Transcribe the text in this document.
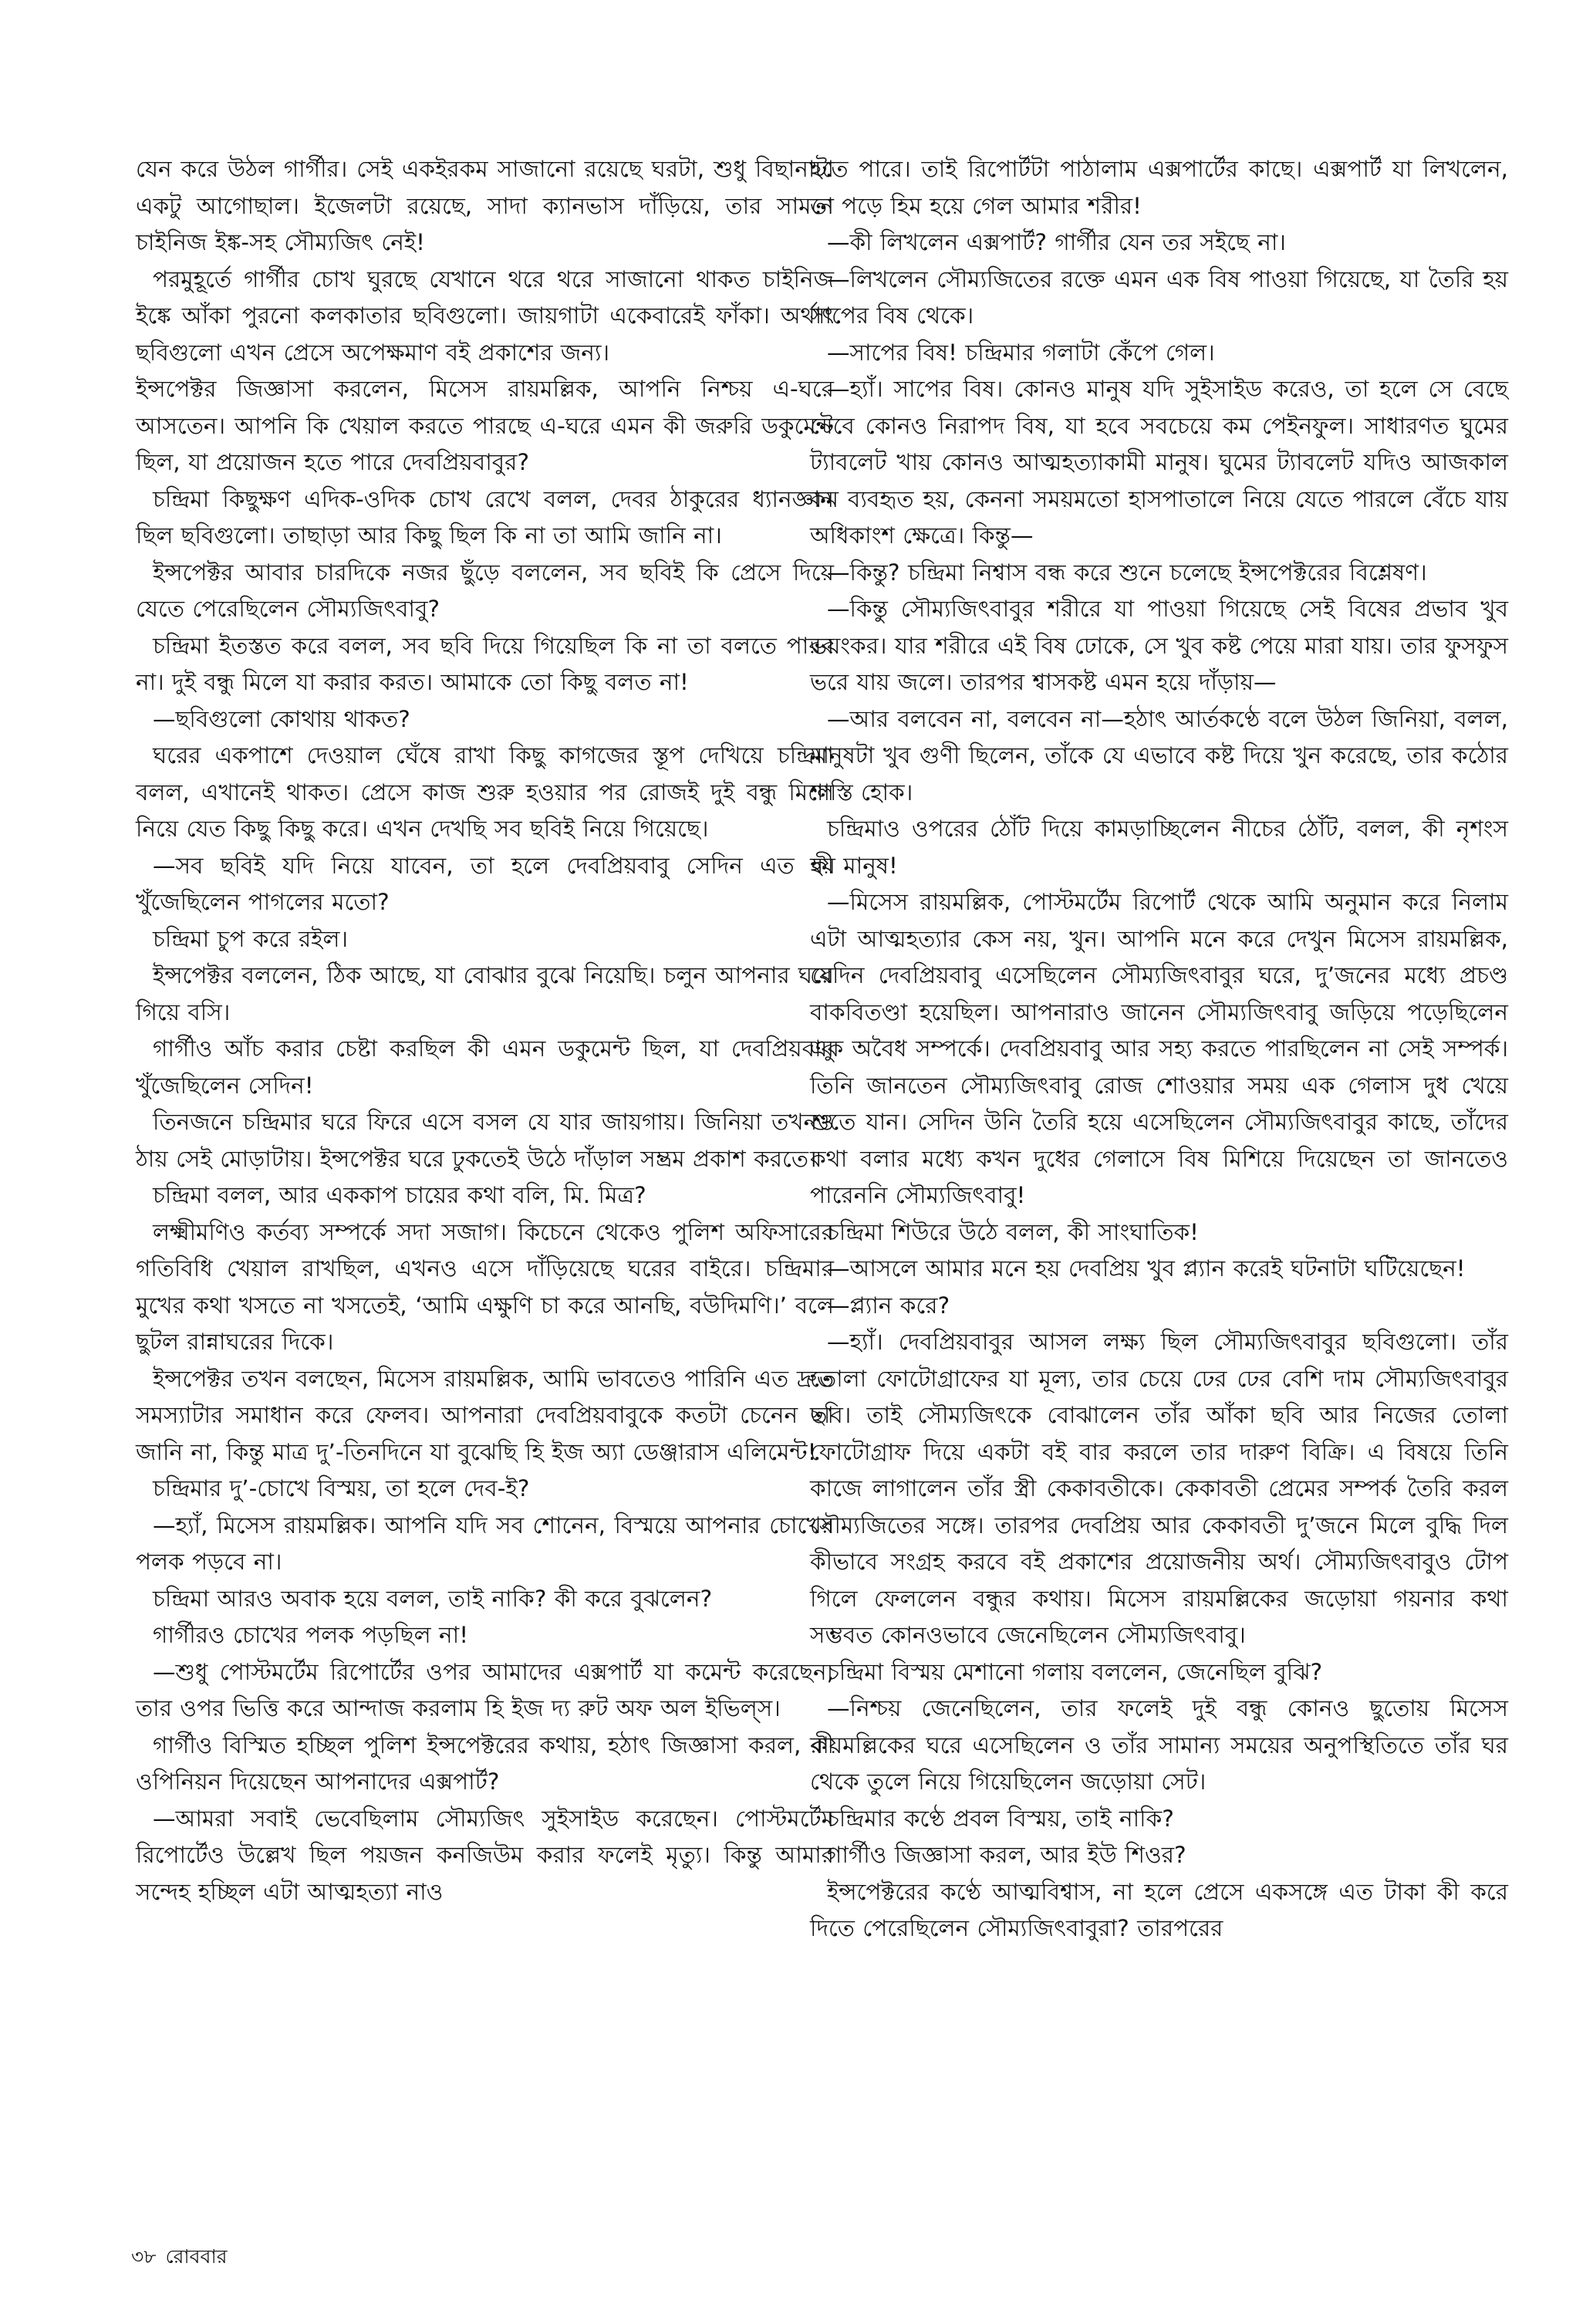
যেন করে উঠল গার্গীর। সেই একইরকম সাজানো রয়েছে ঘরটা, শুধু বিছানাটা একটু আগোছাল। ইজেলটা রয়েছে, সাদা ক্যানভাস দাঁড়িয়ে, তার সামনে চাইনিজ ইঙ্ক-সহ সৌম্যজিৎ নেই!

পরমুহূর্তে গার্গীর চোখ ঘুরছে যেখানে থরে থরে সাজানো থাকত চাইনিজ ইঙ্কে আঁকা পুরনো কলকাতার ছবিগুলো। জায়গাটা একেবারেই ফাঁকা। অর্থাৎ ছবিগুলো এখন প্রেসে অপেক্ষমাণ বই প্রকাশের জন্য।

ইন্সপেক্টর জিজ্ঞাসা করলেন, মিসেস রায়মল্লিক, আপনি নিশ্চয় এ-ঘরে আসতেন। আপনি কি খেয়াল করতে পারছে এ-ঘরে এমন কী জরুরি ডকুমেন্ট ছিল, যা প্রয়োজন হতে পারে দেবপ্রিয়বাবুর?

চন্দ্রিমা কিছুক্ষণ এদিক-ওদিক চোখ রেখে বলল, দেবর ঠাকুরের ধ্যানজ্ঞান ছিল ছবিগুলো। তাছাড়া আর কিছু ছিল কি না তা আমি জানি না।

ইন্সপেক্টর আবার চারদিকে নজর ছুঁড়ে বললেন, সব ছবিই কি প্রেসে দিয়ে যেতে পেরেছিলেন সৌম্যজিৎবাবু?

চন্দ্রিমা ইতস্তত করে বলল, সব ছবি দিয়ে গিয়েছিল কি না তা বলতে পারব না। দুই বন্ধু মিলে যা করার করত। আমাকে তো কিছু বলত না!

—ছবিগুলো কোথায় থাকত?

ঘরের একপাশে দেওয়াল ঘেঁষে রাখা কিছু কাগজের স্তূপ দেখিয়ে চন্দ্রিমা বলল, এখানেই থাকত। প্রেসে কাজ শুরু হওয়ার পর রোজই দুই বন্ধু মিলে নিয়ে যেত কিছু কিছু করে। এখন দেখছি সব ছবিই নিয়ে গিয়েছে।

—সব ছবিই যদি নিয়ে যাবেন, তা হলে দেবপ্রিয়বাবু সেদিন এত কী খুঁজেছিলেন পাগলের মতো?

চন্দ্রিমা চুপ করে রইল।

ইন্সপেক্টর বললেন, ঠিক আছে, যা বোঝার বুঝে নিয়েছি। চলুন আপনার ঘরে গিয়ে বসি।

গার্গীও আঁচ করার চেষ্টা করছিল কী এমন ডকুমেন্ট ছিল, যা দেবপ্রিয়বাবু খুঁজেছিলেন সেদিন!

তিনজনে চন্দ্রিমার ঘরে ফিরে এসে বসল যে যার জায়গায়। জিনিয়া তখনও ঠায় সেই মোড়াটায়। ইন্সপেক্টর ঘরে ঢুকতেই উঠে দাঁড়াল সম্ভ্রম প্রকাশ করতে।

চন্দ্রিমা বলল, আর এককাপ চায়ের কথা বলি, মি. মিত্র?

লক্ষ্মীমণিও কর্তব্য সম্পর্কে সদা সজাগ। কিচেনে থেকেও পুলিশ অফিসারের গতিবিধি খেয়াল রাখছিল, এখনও এসে দাঁড়িয়েছে ঘরের বাইরে। চন্দ্রিমার মুখের কথা খসতে না খসতেই, ‘আমি এক্ষুণি চা করে আনছি, বউদিমণি।’ বলে ছুটল রান্নাঘরের দিকে।

ইন্সপেক্টর তখন বলছেন, মিসেস রায়মল্লিক, আমি ভাবতেও পারিনি এত দ্রুত সমস্যাটার সমাধান করে ফেলব। আপনারা দেবপ্রিয়বাবুকে কতটা চেনেন তা জানি না, কিন্তু মাত্র দু’-তিনদিনে যা বুঝেছি হি ইজ অ্যা ডেঞ্জারাস এলিমেন্ট!

চন্দ্রিমার দু’-চোখে বিস্ময়, তা হলে দেব-ই?

—হ্যাঁ, মিসেস রায়মল্লিক। আপনি যদি সব শোনেন, বিস্ময়ে আপনার চোখের পলক পড়বে না।

চন্দ্রিমা আরও অবাক হয়ে বলল, তাই নাকি? কী করে বুঝলেন?

গার্গীরও চোখের পলক পড়ছিল না!

—শুধু পোস্টমর্টেম রিপোর্টের ওপর আমাদের এক্সপার্ট যা কমেন্ট করেছেন, তার ওপর ভিত্তি করে আন্দাজ করলাম হি ইজ দ্য রুট অফ অল ইভিল্স।

গার্গীও বিস্মিত হচ্ছিল পুলিশ ইন্সপেক্টরের কথায়, হঠাৎ জিজ্ঞাসা করল, কী ওপিনিয়ন দিয়েছেন আপনাদের এক্সপার্ট?

—আমরা সবাই ভেবেছিলাম সৌম্যজিৎ সুইসাইড করেছেন। পোস্টমর্টেম রিপোর্টেও উল্লেখ ছিল পয়জন কনজিউম করার ফলেই মৃত্যু। কিন্তু আমার সন্দেহ হচ্ছিল এটা আত্মহত্যা নাও

হতে পারে। তাই রিপোর্টটা পাঠালাম এক্সপার্টের কাছে। এক্সপার্ট যা লিখলেন, তা পড়ে হিম হয়ে গেল আমার শরীর!

—কী লিখলেন এক্সপার্ট? গার্গীর যেন তর সইছে না।

—লিখলেন সৌম্যজিতের রক্তে এমন এক বিষ পাওয়া গিয়েছে, যা তৈরি হয় সাপের বিষ থেকে।

—সাপের বিষ! চন্দ্রিমার গলাটা কেঁপে গেল।

—হ্যাঁ। সাপের বিষ। কোনও মানুষ যদি সুইসাইড করেও, তা হলে সে বেছে নেবে কোনও নিরাপদ বিষ, যা হবে সবচেয়ে কম পেইনফুল। সাধারণত ঘুমের ট্যাবলেট খায় কোনও আত্মহত্যাকামী মানুষ। ঘুমের ট্যাবলেট যদিও আজকাল কম ব্যবহৃত হয়, কেননা সময়মতো হাসপাতালে নিয়ে যেতে পারলে বেঁচে যায় অধিকাংশ ক্ষেত্রে। কিন্তু—

—কিন্তু? চন্দ্রিমা নিশ্বাস বন্ধ করে শুনে চলেছে ইন্সপেক্টরের বিশ্লেষণ।

—কিন্তু সৌম্যজিৎবাবুর শরীরে যা পাওয়া গিয়েছে সেই বিষের প্রভাব খুব ভয়ংকর। যার শরীরে এই বিষ ঢোকে, সে খুব কষ্ট পেয়ে মারা যায়। তার ফুসফুস ভরে যায় জলে। তারপর শ্বাসকষ্ট এমন হয়ে দাঁড়ায়—

—আর বলবেন না, বলবেন না—হঠাৎ আর্তকণ্ঠে বলে উঠল জিনিয়া, বলল, মানুষটা খুব গুণী ছিলেন, তাঁকে যে এভাবে কষ্ট দিয়ে খুন করেছে, তার কঠোর শাস্তি হোক।

চন্দ্রিমাও ওপরের ঠোঁট দিয়ে কামড়াচ্ছিলেন নীচের ঠোঁট, বলল, কী নৃশংস হয় মানুষ!

—মিসেস রায়মল্লিক, পোস্টমর্টেম রিপোর্ট থেকে আমি অনুমান করে নিলাম এটা আত্মহত্যার কেস নয়, খুন। আপনি মনে করে দেখুন মিসেস রায়মল্লিক, যেদিন দেবপ্রিয়বাবু এসেছিলেন সৌম্যজিৎবাবুর ঘরে, দু’জনের মধ্যে প্রচণ্ড বাকবিতণ্ডা হয়েছিল। আপনারাও জানেন সৌম্যজিৎবাবু জড়িয়ে পড়েছিলেন এক অবৈধ সম্পর্কে। দেবপ্রিয়বাবু আর সহ্য করতে পারছিলেন না সেই সম্পর্ক। তিনি জানতেন সৌম্যজিৎবাবু রোজ শোওয়ার সময় এক গেলাস দুধ খেয়ে শুতে যান। সেদিন উনি তৈরি হয়ে এসেছিলেন সৌম্যজিৎবাবুর কাছে, তাঁদের কথা বলার মধ্যে কখন দুধের গেলাসে বিষ মিশিয়ে দিয়েছেন তা জানতেও পারেননি সৌম্যজিৎবাবু!

চন্দ্রিমা শিউরে উঠে বলল, কী সাংঘাতিক!

—আসলে আমার মনে হয় দেবপ্রিয় খুব প্ল্যান করেই ঘটনাটা ঘটিয়েছেন!

—প্ল্যান করে?

—হ্যাঁ। দেবপ্রিয়বাবুর আসল লক্ষ্য ছিল সৌম্যজিৎবাবুর ছবিগুলো। তাঁর তোলা ফোটোগ্রাফের যা মূল্য, তার চেয়ে ঢের ঢের বেশি দাম সৌম্যজিৎবাবুর ছবি। তাই সৌম্যজিৎকে বোঝালেন তাঁর আঁকা ছবি আর নিজের তোলা ফোটোগ্রাফ দিয়ে একটা বই বার করলে তার দারুণ বিক্রি। এ বিষয়ে তিনি কাজে লাগালেন তাঁর স্ত্রী কেকাবতীকে। কেকাবতী প্রেমের সম্পর্ক তৈরি করল সৌম্যজিতের সঙ্গে। তারপর দেবপ্রিয় আর কেকাবতী দু’জনে মিলে বুদ্ধি দিল কীভাবে সংগ্রহ করবে বই প্রকাশের প্রয়োজনীয় অর্থ। সৌম্যজিৎবাবুও টোপ গিলে ফেললেন বন্ধুর কথায়। মিসেস রায়মল্লিকের জড়োয়া গয়নার কথা সম্ভবত কোনওভাবে জেনেছিলেন সৌম্যজিৎবাবু।

চন্দ্রিমা বিস্ময় মেশানো গলায় বললেন, জেনেছিল বুঝি?

—নিশ্চয় জেনেছিলেন, তার ফলেই দুই বন্ধু কোনও ছুতোয় মিসেস রায়মল্লিকের ঘরে এসেছিলেন ও তাঁর সামান্য সময়ের অনুপস্থিতিতে তাঁর ঘর থেকে তুলে নিয়ে গিয়েছিলেন জড়োয়া সেট।

চন্দ্রিমার কণ্ঠে প্রবল বিস্ময়, তাই নাকি?

গার্গীও জিজ্ঞাসা করল, আর ইউ শিওর?

ইন্সপেক্টরের কণ্ঠে আত্মবিশ্বাস, না হলে প্রেসে একসঙ্গে এত টাকা কী করে দিতে পেরেছিলেন সৌম্যজিৎবাবুরা? তারপরের

৩৮ রোববার
